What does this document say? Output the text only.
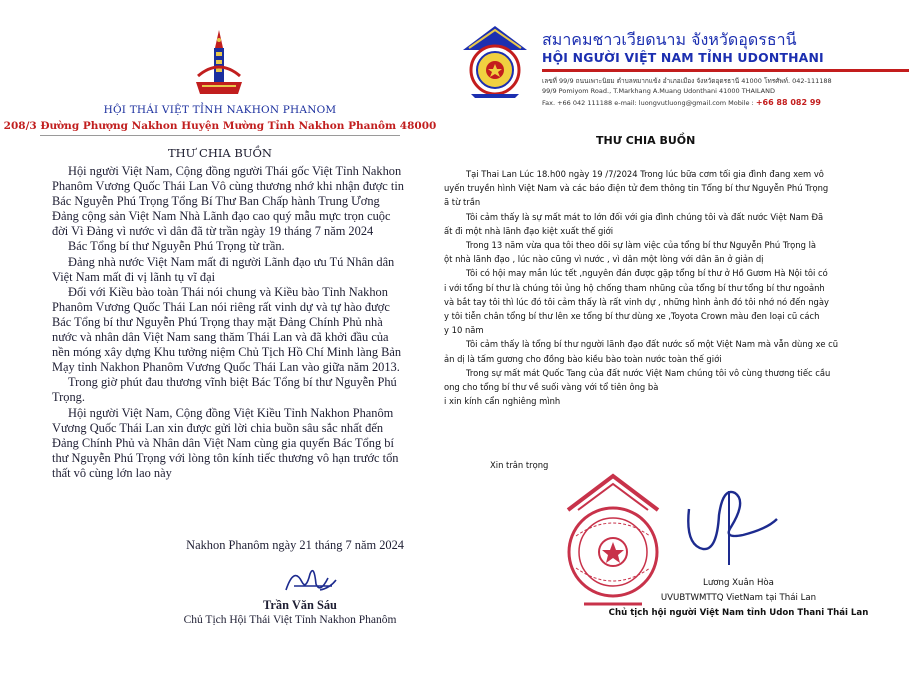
HỘI THÁI VIỆT TỈNH NAKHON PHANOM
208/3 Đường Phượng Nakhon Huyện Mường Tỉnh Nakhon Phanôm 48000
THƯ CHIA BUỒN

Hội người Việt Nam, Cộng đồng người Thái gốc Việt Tỉnh Nakhon Phanôm Vương Quốc Thái Lan Vô cùng thương nhớ khi nhận được tin Bác Nguyễn Phú Trọng Tổng Bí Thư Ban Chấp hành Trung Ương Đảng cộng sản Việt Nam Nhà Lãnh đạo cao quý mẫu mực trọn cuộc đời Vì Đảng vì nước vì dân đã từ trần ngày 19 tháng 7 năm 2024

Bác Tổng bí thư Nguyễn Phú Trọng từ trần.

Đảng nhà nước Việt Nam mất đi người Lãnh đạo ưu Tú Nhân dân Việt Nam mất đi vị lãnh tụ vĩ đại

Đối với Kiều bào toàn Thái nói chung và Kiều bào Tỉnh Nakhon Phanôm Vương Quốc Thái Lan nói riêng rất vinh dự và tự hào được Bác Tổng bí thư Nguyễn Phú Trọng thay mặt Đảng Chính Phủ nhà nước và nhân dân Việt Nam sang thăm Thái Lan và đã khởi đầu của nền móng xây dựng Khu tưởng niệm Chủ Tịch Hồ Chí Minh làng Bản Mạy tỉnh Nakhon Phanôm Vương Quốc Thái Lan vào giữa năm 2013.

Trong giờ phút đau thương vĩnh biệt Bác Tổng bí thư Nguyễn Phú Trọng.

Hội người Việt Nam, Cộng đồng Việt Kiều Tỉnh Nakhon Phanôm Vương Quốc Thái Lan xin được gửi lời chia buồn sâu sắc nhất đến Đảng Chính Phủ và Nhân dân Việt Nam cùng gia quyến Bác Tổng bí thư Nguyễn Phú Trọng với lòng tôn kính tiếc thương vô hạn trước tổn thất vô cùng lớn lao này

Nakhon Phanôm ngày 21 tháng 7 năm 2024
Trần Văn Sáu
Chủ Tịch Hội Thái Việt Tỉnh Nakhon Phanôm
สมาคมชาวเวียดนาม จังหวัดอุดรธานี
HỘI NGƯỜI VIỆT NAM TỈNH UDONTHANI
เลขที่ 99/9 ถนนเพาะนิยม ตำบลหมากแข้ง อำเภอเมือง จังหวัดอุดรธานี 41000 โทรศัพท์. 042-111188
99/9 Pomiyom Road., T.Markhang A.Muang Udonthani 41000 THAILAND
Fax. +66 042 111188 e-mail: luongvutluong@gmail.com Mobile : +66 88 082 99
THƯ CHIA BUỒN

Tại Thai Lan Lúc 18.h00 ngày 19 /7/2024 Trong lúc bữa cơm tối gia đình đang xem vô

uyến truyền hình Việt Nam và các báo điện tử đem thông tin Tổng bí thư Nguyễn Phú Trọng

ã từ trần

Tôi cảm thấy là sự mất mát to lớn đối với gia đình chúng tôi và đất nước Việt Nam Đã

ất đi một nhà lãnh đạo kiệt xuất thế giới

Trong 13 năm vừa qua tôi theo dõi sự làm việc của tổng bí thư Nguyễn Phú Trọng là

ột nhà lãnh đạo , lúc nào cũng vì nước , vì dân một lòng với dân ăn ở giản dị

Tôi có hội may mắn lúc tết ,nguyên đán được gặp tổng bí thư ở Hồ Gươm Hà Nội tôi có

i với tổng bí thư là chúng tôi ủng hộ chống tham nhũng của tổng bí thư tổng bí thư ngoảnh

và bắt tay tôi thì lúc đó tôi cảm thấy là rất vinh dự , những hình ảnh đó tôi nhớ nó đến ngày

y tôi tiễn chân tổng bí thư lên xe tổng bí thư dùng xe ,Toyota Crown màu đen loại cũ cách

y 10 năm

Tôi cảm thấy là tổng bí thư người lãnh đạo đất nước số một Việt Nam mà vẫn dùng xe cũ

ản dị là tấm gương cho đồng bào kiều bào toàn nước toàn thế giới

Trong sự mất mát Quốc Tang của đất nước Việt Nam chúng tôi vô cùng thương tiếc cầu

ong cho tổng bí thư về suối vàng với tổ tiên ông bà

i xin kính cẩn nghiêng mình

Xin trân trọng
Lương Xuân Hòa
UVUBTWMTTQ VietNam tại Thái Lan
Chủ tịch hội người Việt Nam tỉnh Udon Thani Thái Lan
